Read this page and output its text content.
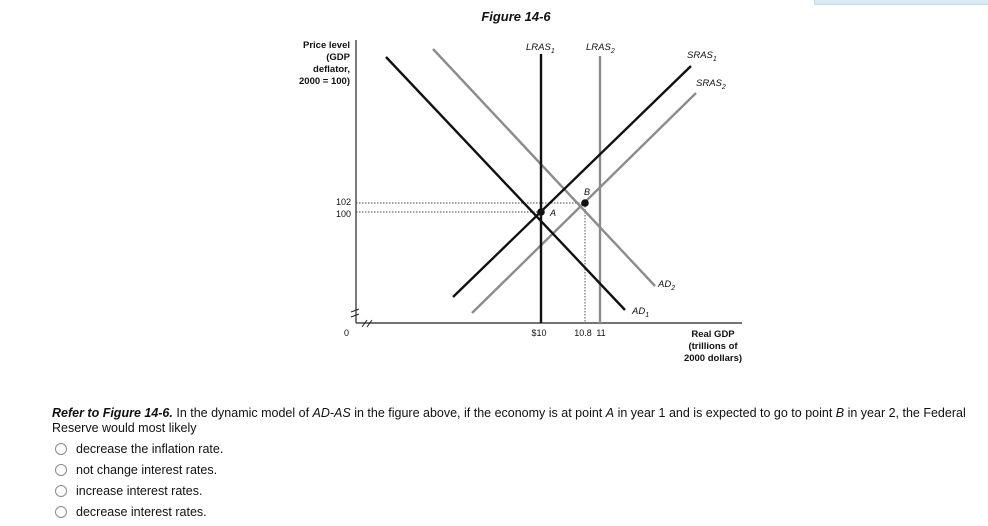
Figure 14-6
Price level
(GDP
deflator,
2000 = 100)
102
100
0
A
B
$LRAS_1$	$LRAS_2$	$SRAS_1$
$SRAS_2$
$AD_1$
$AD_2$
$10	10.8 11	Real GDP
(trillions of
2000 dollars)
Refer to Figure 14-6. In the dynamic model of AD-AS in the figure above, if the economy is at point A in year 1 and is expected to go to point B in year 2, the Federal Reserve would most likely
decrease the inflation rate.
not change interest rates.
increase interest rates.
decrease interest rates.
